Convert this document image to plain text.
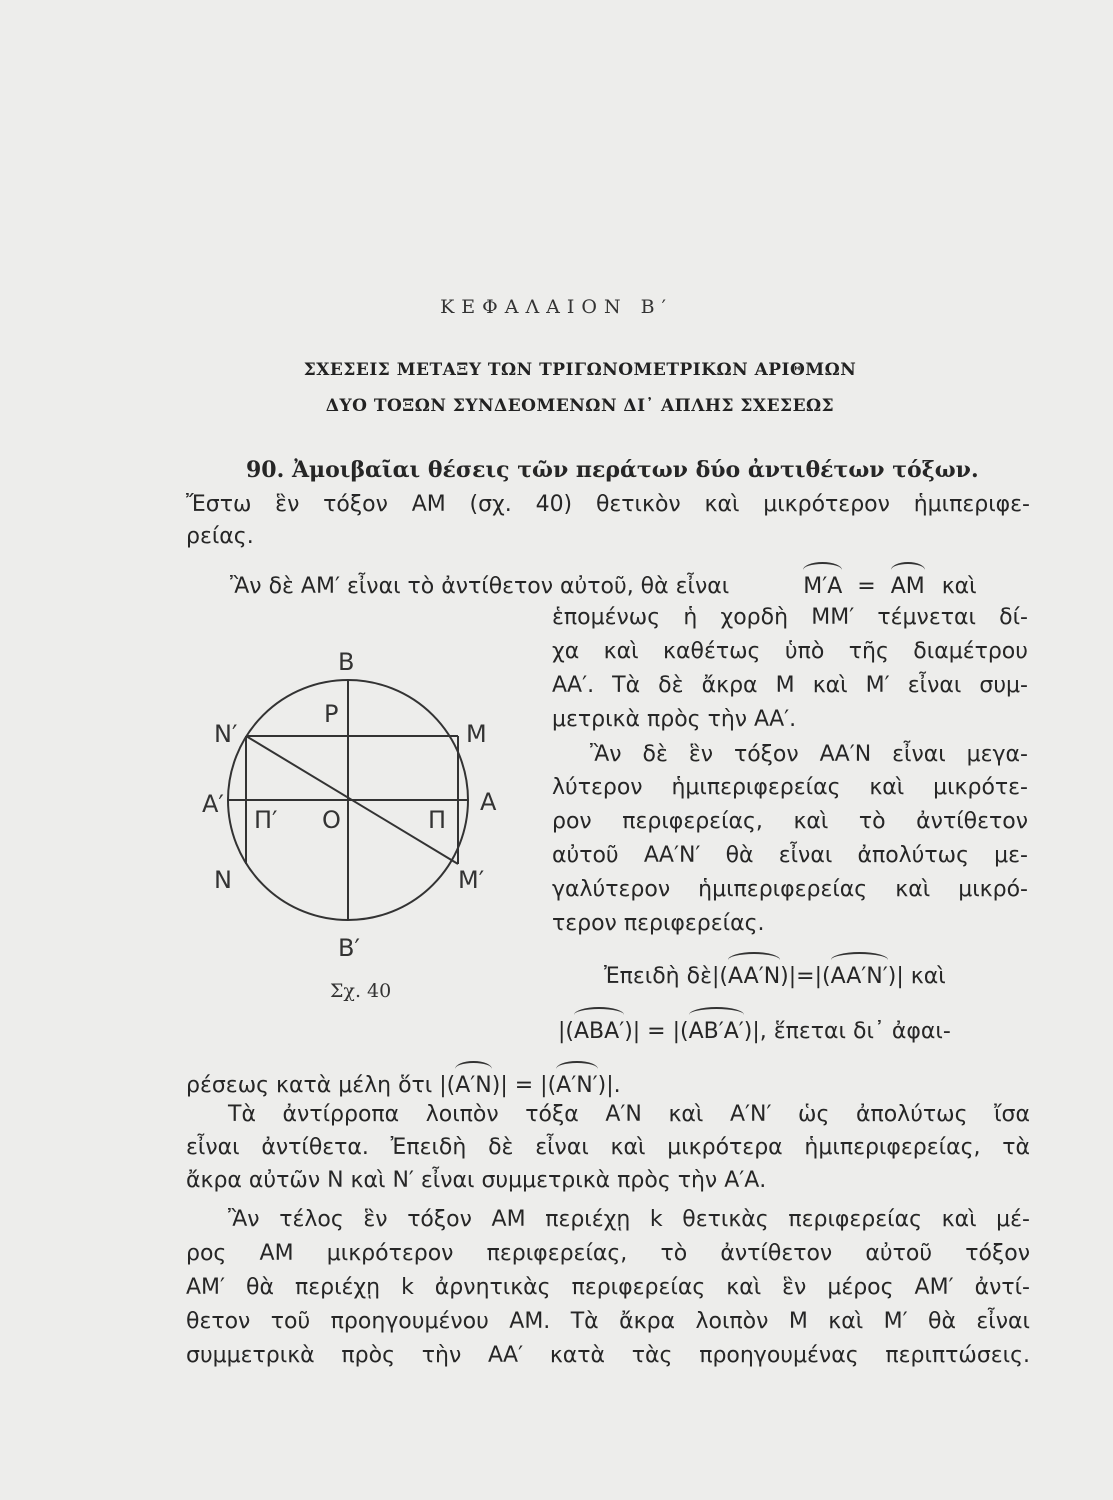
ΚΕΦΑΛΑΙΟΝ Β′
ΣΧΕΣΕΙΣ ΜΕΤΑΞΥ ΤΩΝ ΤΡΙΓΩΝΟΜΕΤΡΙΚΩΝ ΑΡΙΘΜΩΝ
ΔΥΟ ΤΟΞΩΝ ΣΥΝΔΕΟΜΕΝΩΝ ΔΙ᾽ ΑΠΛΗΣ ΣΧΕΣΕΩΣ
90. Ἀμοιβαῖαι θέσεις τῶν περάτων δύο ἀντιθέτων τόξων.
Ἔστω ἓν τόξον ΑΜ (σχ. 40) θετικὸν καὶ μικρότερον ἡμιπεριφε-
ρείας.
Ἂν δὲ ΑΜ′ εἶναι τὸ ἀντίθετον αὐτοῦ, θὰ εἶναι	M′A = AM καὶ
ἑπομένως ἡ χορδὴ ΜΜ′ τέμνεται δί-
χα καὶ καθέτως ὑπὸ τῆς διαμέτρου
ΑΑ′. Τὰ δὲ ἄκρα Μ καὶ Μ′ εἶναι συμ-
μετρικὰ πρὸς τὴν ΑΑ′.
Ἂν δὲ ἓν τόξον ΑΑ′Ν εἶναι μεγα-
λύτερον ἡμιπεριφερείας καὶ μικρότε-
ρον περιφερείας, καὶ τὸ ἀντίθετον
αὐτοῦ ΑΑ′Ν′ θὰ εἶναι ἀπολύτως με-
γαλύτερον ἡμιπεριφερείας καὶ μικρό-
τερον περιφερείας.
Ἐπειδὴ δὲ|(AA′N)|=|(AA′N′)| καὶ
|(ABA′)| = |(AB′A′)|, ἕπεται δι᾽ ἀφαι-
ρέσεως κατὰ μέλη ὅτι |(A′N)| = |(A′N′)|.
Τὰ ἀντίρροπα λοιπὸν τόξα Α′Ν καὶ Α′Ν′ ὡς ἀπολύτως ἴσα
εἶναι ἀντίθετα. Ἐπειδὴ δὲ εἶναι καὶ μικρότερα ἡμιπεριφερείας, τὰ
ἄκρα αὐτῶν Ν καὶ Ν′ εἶναι συμμετρικὰ πρὸς τὴν Α′Α.
Ἂν τέλος ἓν τόξον ΑΜ περιέχῃ k θετικὰς περιφερείας καὶ μέ-
ρος ΑΜ μικρότερον περιφερείας, τὸ ἀντίθετον αὐτοῦ τόξον
ΑΜ′ θὰ περιέχῃ k ἀρνητικὰς περιφερείας καὶ ἓν μέρος ΑΜ′ ἀντί-
θετον τοῦ προηγουμένου ΑΜ. Τὰ ἄκρα λοιπὸν Μ καὶ Μ′ θὰ εἶναι
συμμετρικὰ πρὸς τὴν ΑΑ′ κατὰ τὰς προηγουμένας περιπτώσεις.
B
P
N′	M
A′	A
Π′ O	Π
N	M′
B′
Σχ. 40
